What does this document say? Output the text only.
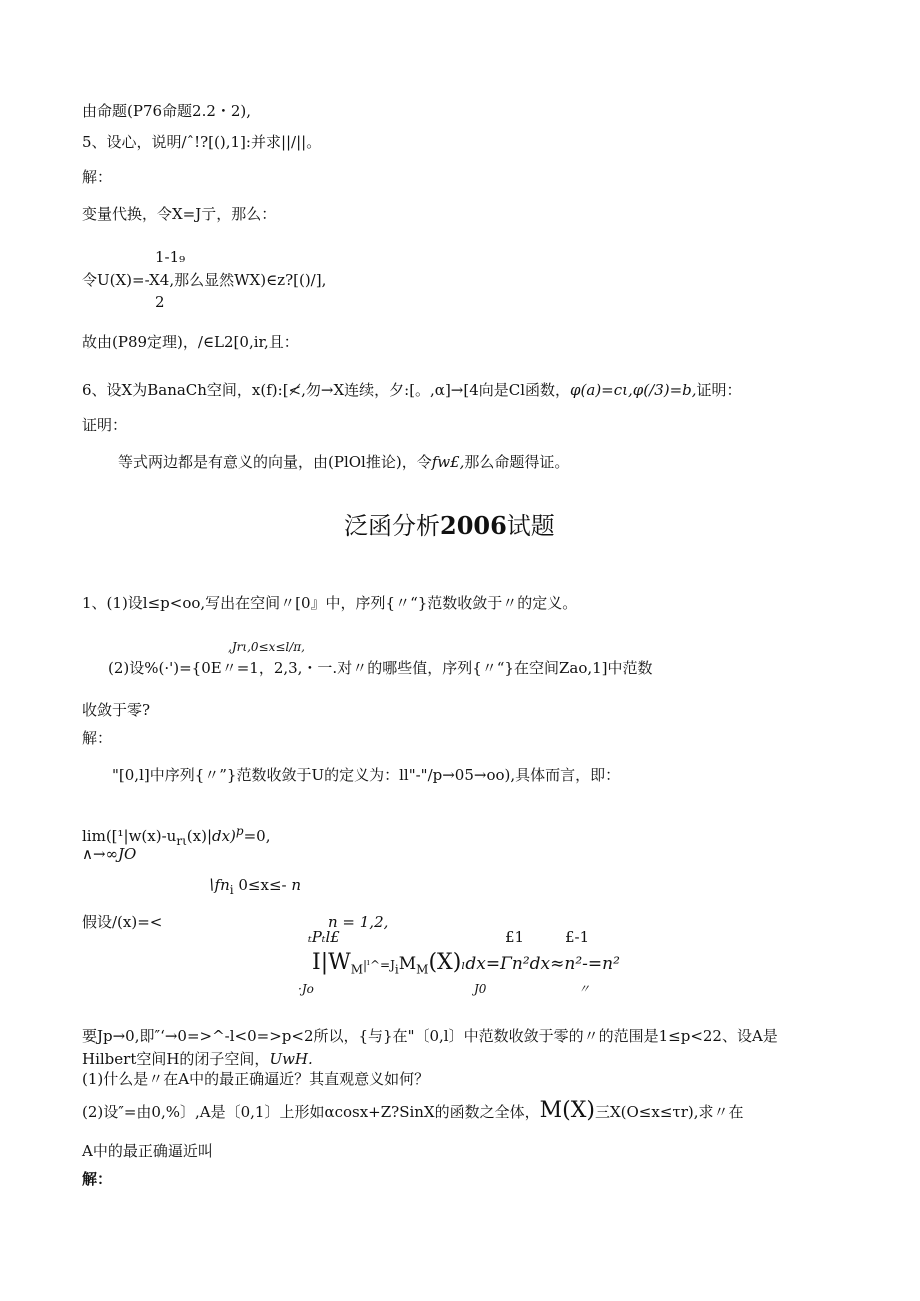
由命题(P76命题2.2・2),
5、设心，说明/ˆ!?[(),1]:并求||/||。
解：
变量代换，令X=J亍，那么：
1-1₉
令U(X)=-X4,那么显然WX)∈z?[()/],
2
故由(P89定理)，/∈L2[0,ir,且：
6、设X为BanaCh空间，x(f):[≮,勿→X连续，夕:[。,α]→[4向是Cl函数，φ(a)=cι,φ(∕3)=b,证明：
证明：
等式两边都是有意义的向量，由(PlOl推论)，令fw£,那么命题得证。
泛函分析2006试题
1、(1)设l≤p<oo,写出在空间〃[0』中，序列{〃“}范数收敛于〃的定义。
,Jrι,0≤x≤l/π,
(2)设%(·')={0E〃=1，2,3,・一.对〃的哪些值，序列{〃“}在空间Zao,1]中范数
收敛于零?
解：
"[0,l]中序列{〃”}范数收敛于U的定义为：ll"-"/p→05→oo),具体而言，即：
$\lim([^1|w(x)-u_{r\iota}(x)|dx)^p=0$,
∧→∞JO
$∖fn_i$ 0≤x≤- n
假设/(x)=<	n = 1,2,
ₜPₜl£	£1	£-1
$I|W_M|ˡ\^{}=J_iM_M(X)_ldx=\Gamma n^2dx\approx n^2-=n^2$
·Jo	J0	〃
要Jp→0,即″‘→0=>^-l<0=>p<2所以，{与}在"〔0,l〕中范数收敛于零的〃的范围是1≤p<22、设A是
Hilbert空间H的闭子空间，UwH.
(1)什么是〃在A中的最正确逼近？其直观意义如何？
(2)设″=由0,%〕,A是〔0,1〕上形如αcosx+Z?SinX的函数之全体，M(X)三X(O≤x≤τr),求〃在
A中的最正确逼近叫
解：
